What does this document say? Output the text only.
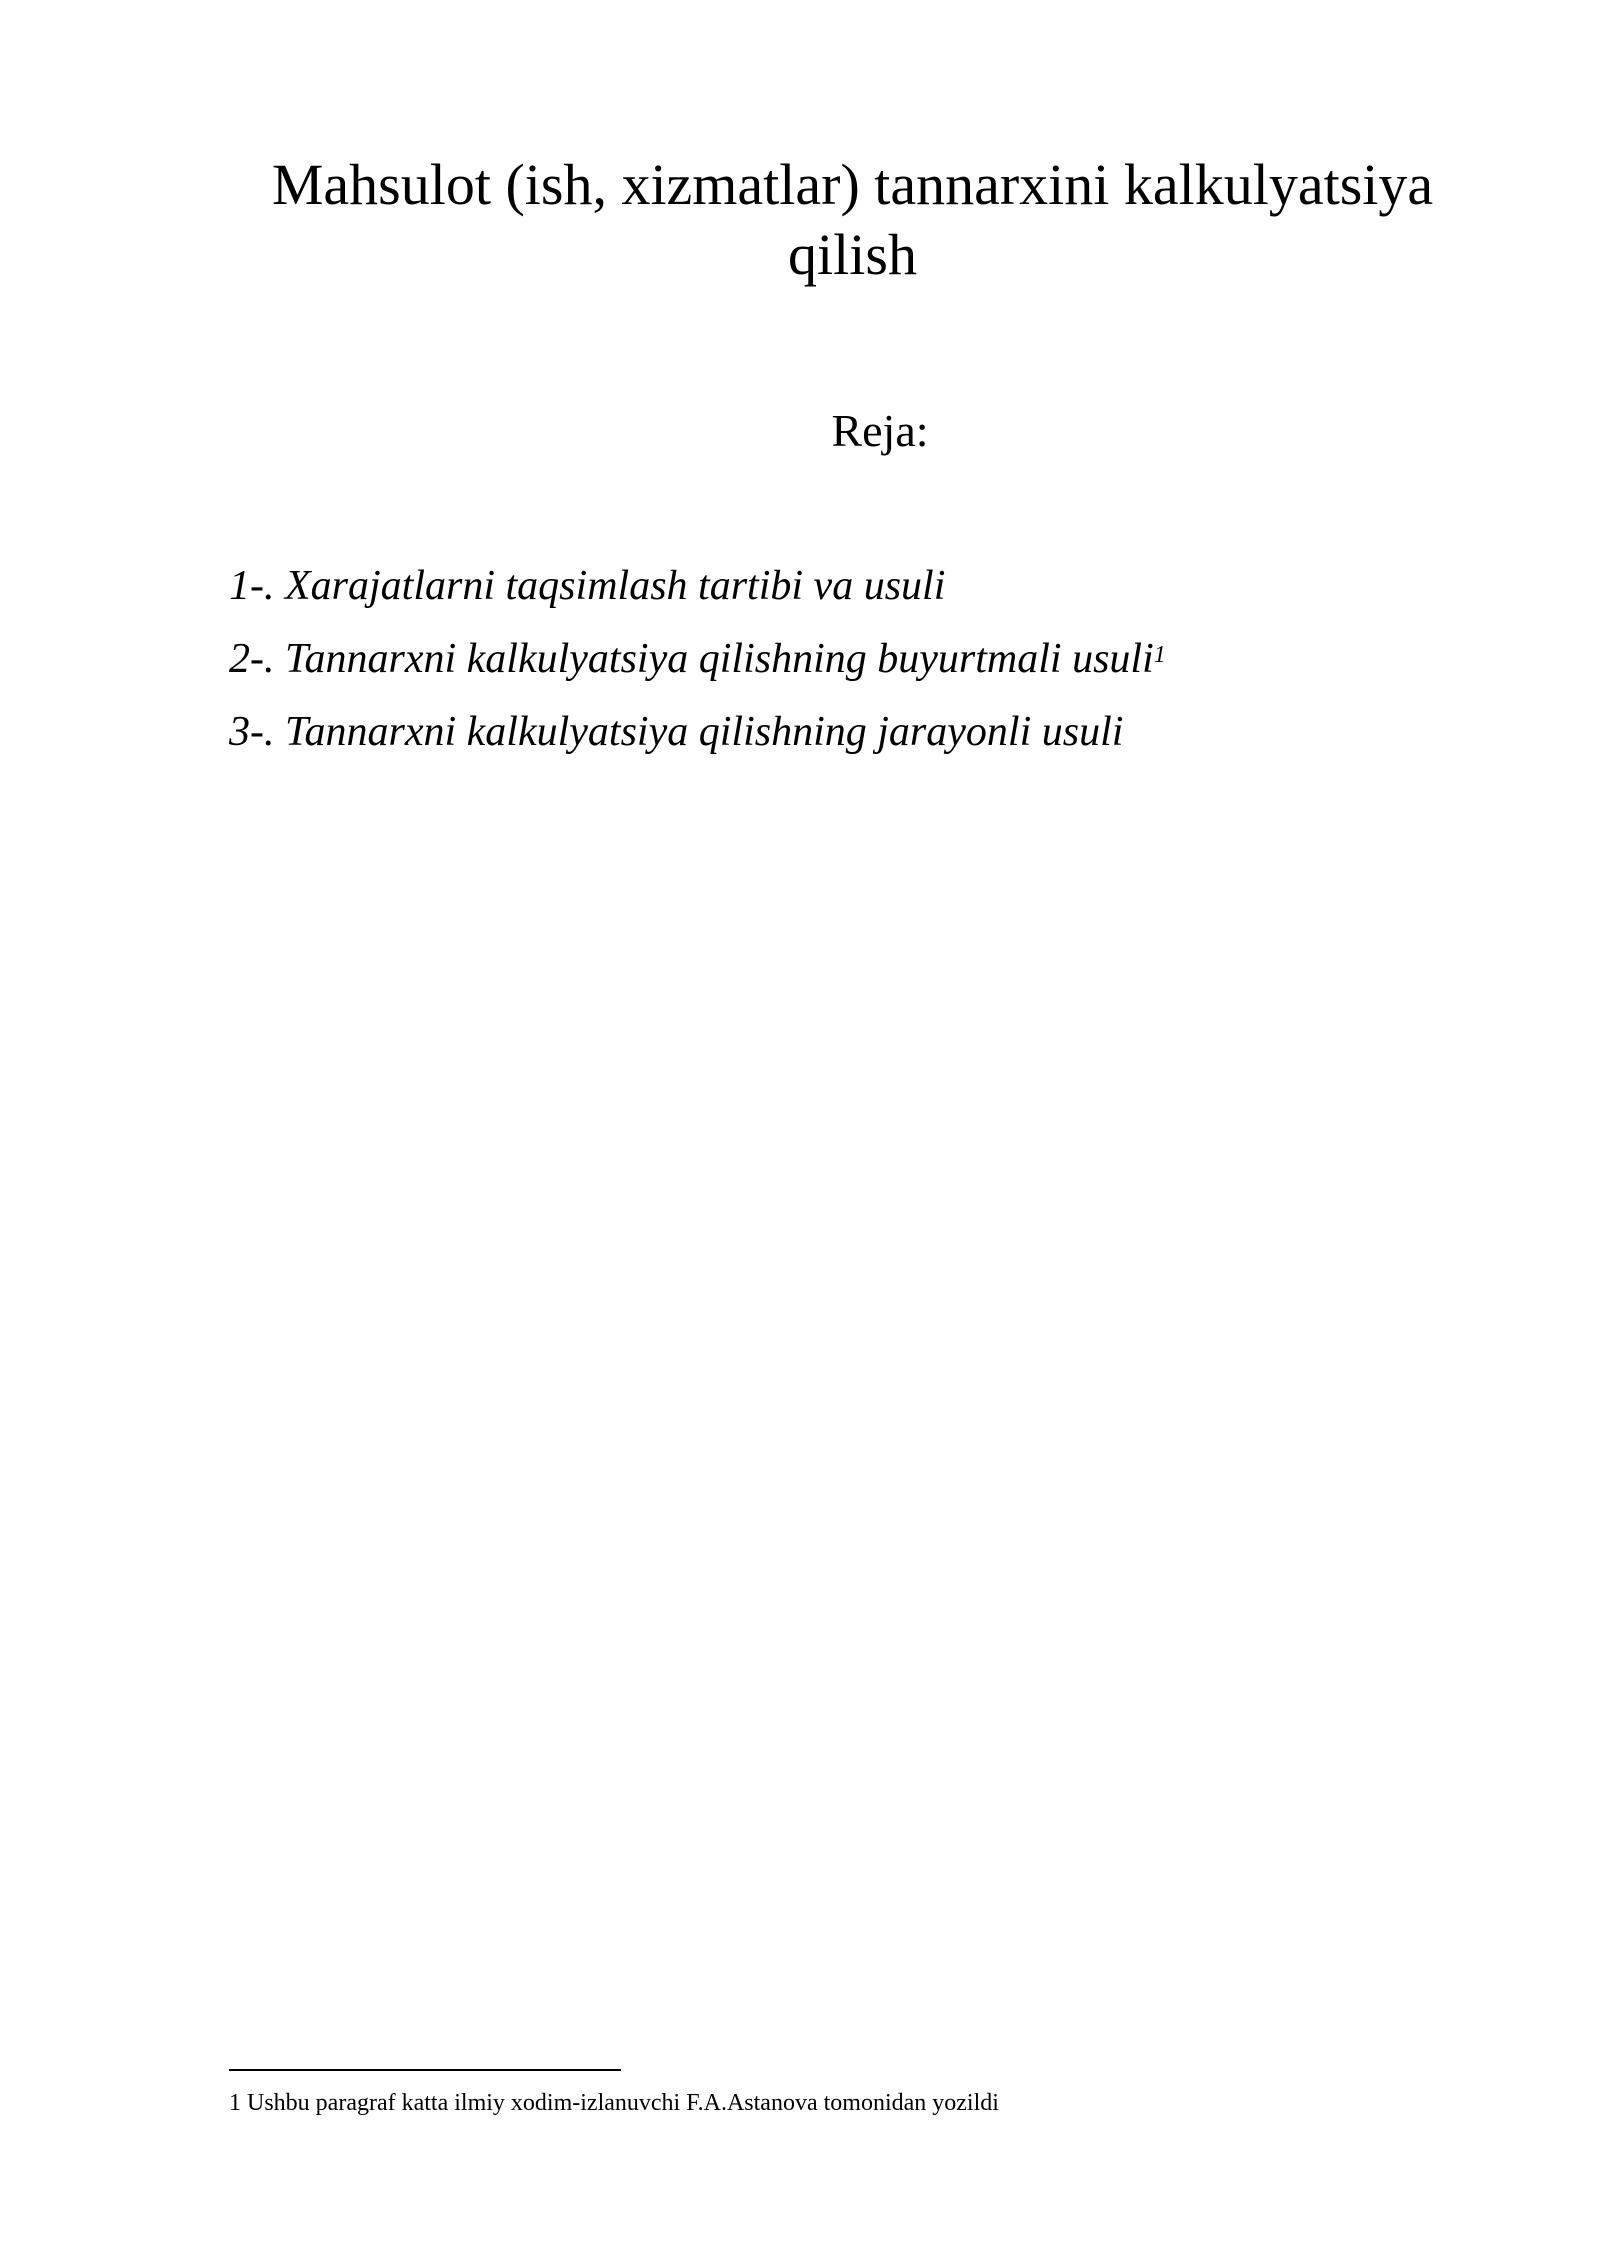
Mahsulot (ish, xizmatlar) tannarxini kalkulyatsiya qilish

Reja:

1-. Xarajatlarni taqsimlash tartibi va usuli
2-. Tannarxni kalkulyatsiya qilishning buyurtmali usuli$^1$
3-. Tannarxni kalkulyatsiya qilishning jarayonli usuli

1 Ushbu paragraf katta ilmiy xodim-izlanuvchi F.A.Astanova tomonidan yozildi
